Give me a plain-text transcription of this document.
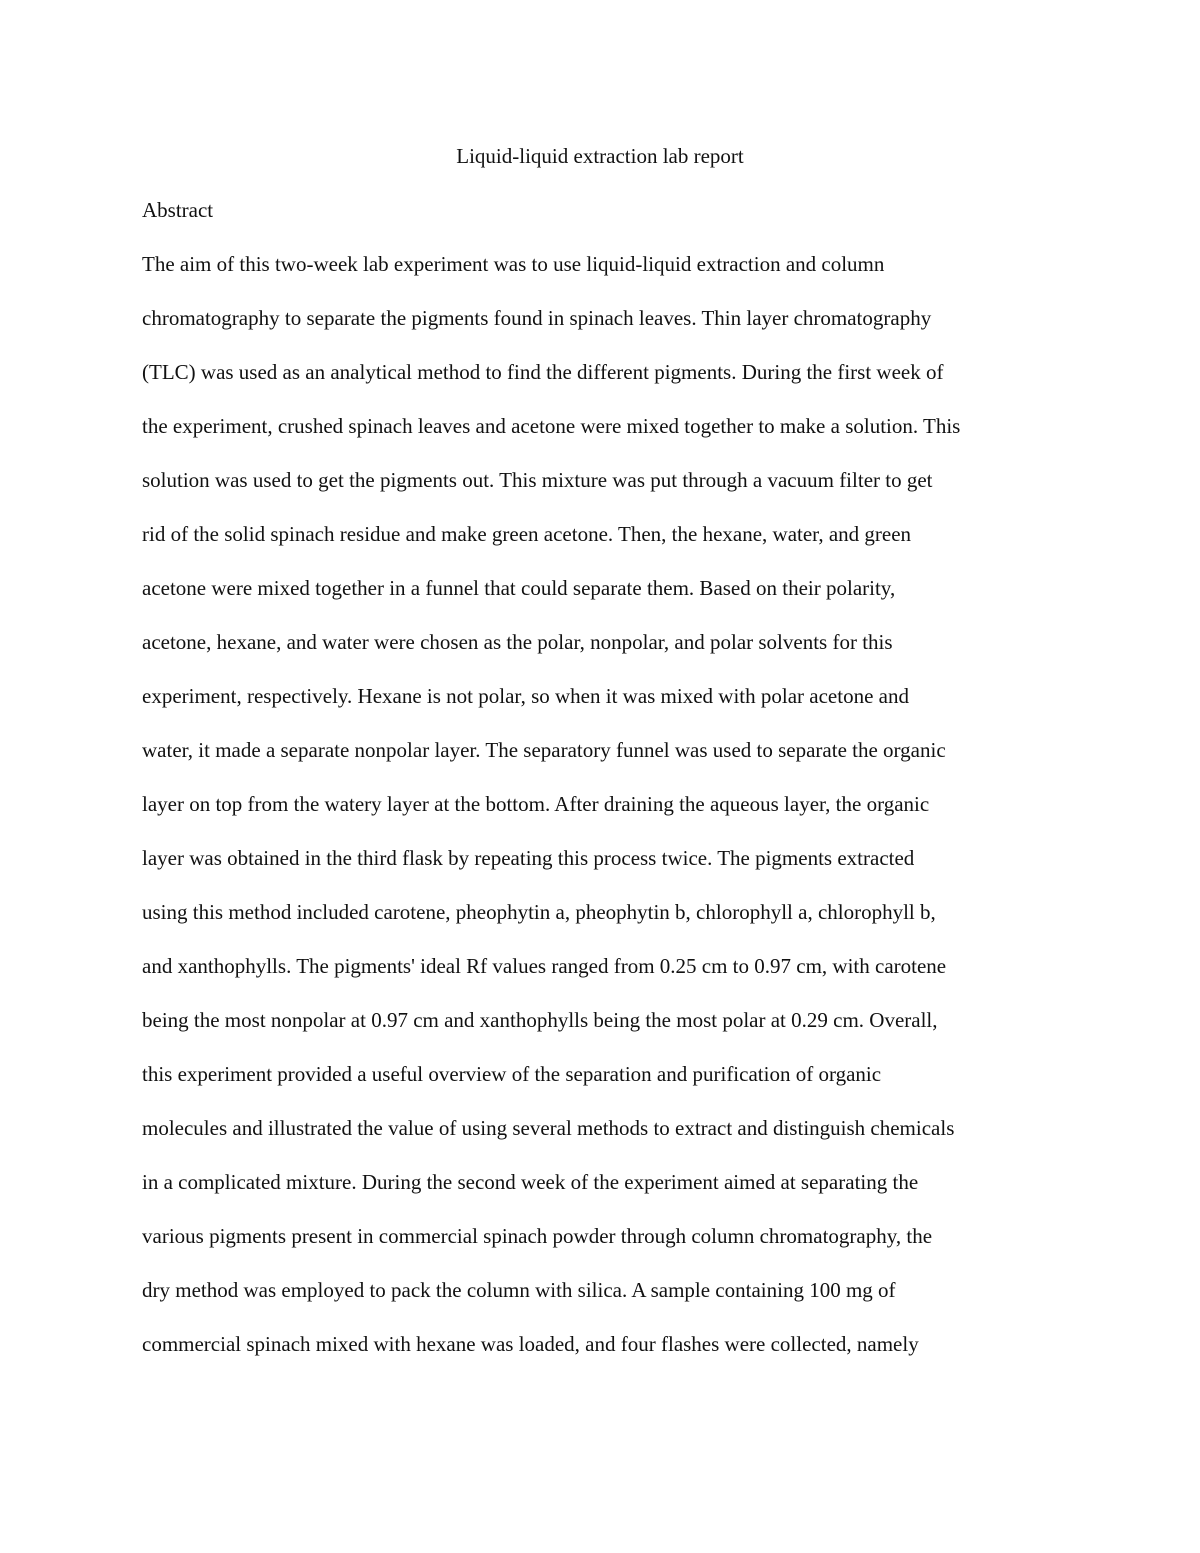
Liquid-liquid extraction lab report
Abstract
The aim of this two-week lab experiment was to use liquid-liquid extraction and column
chromatography to separate the pigments found in spinach leaves. Thin layer chromatography
(TLC) was used as an analytical method to find the different pigments. During the first week of
the experiment, crushed spinach leaves and acetone were mixed together to make a solution. This
solution was used to get the pigments out. This mixture was put through a vacuum filter to get
rid of the solid spinach residue and make green acetone. Then, the hexane, water, and green
acetone were mixed together in a funnel that could separate them. Based on their polarity,
acetone, hexane, and water were chosen as the polar, nonpolar, and polar solvents for this
experiment, respectively. Hexane is not polar, so when it was mixed with polar acetone and
water, it made a separate nonpolar layer. The separatory funnel was used to separate the organic
layer on top from the watery layer at the bottom. After draining the aqueous layer, the organic
layer was obtained in the third flask by repeating this process twice. The pigments extracted
using this method included carotene, pheophytin a, pheophytin b, chlorophyll a, chlorophyll b,
and xanthophylls. The pigments' ideal Rf values ranged from 0.25 cm to 0.97 cm, with carotene
being the most nonpolar at 0.97 cm and xanthophylls being the most polar at 0.29 cm. Overall,
this experiment provided a useful overview of the separation and purification of organic
molecules and illustrated the value of using several methods to extract and distinguish chemicals
in a complicated mixture. During the second week of the experiment aimed at separating the
various pigments present in commercial spinach powder through column chromatography, the
dry method was employed to pack the column with silica. A sample containing 100 mg of
commercial spinach mixed with hexane was loaded, and four flashes were collected, namely
